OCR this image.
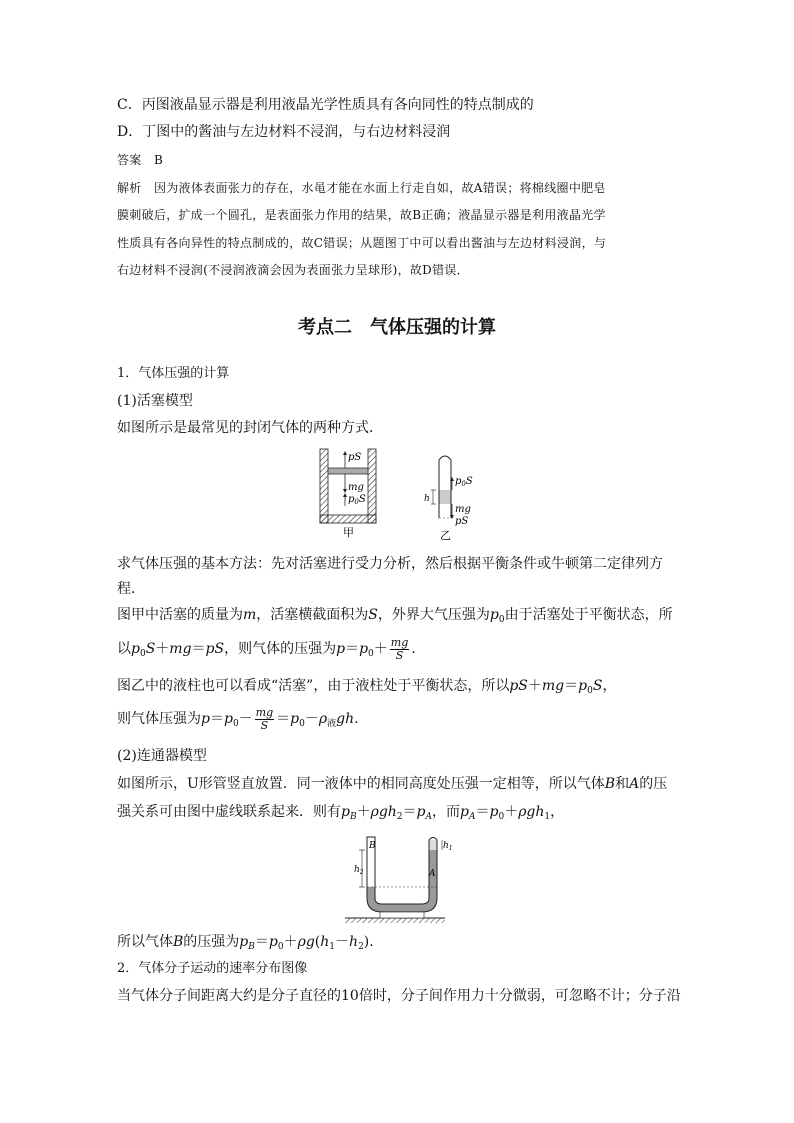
C．丙图液晶显示器是利用液晶光学性质具有各向同性的特点制成的
D．丁图中的酱油与左边材料不浸润，与右边材料浸润
答案 B
解析 因为液体表面张力的存在，水黾才能在水面上行走自如，故A错误；将棉线圈中肥皂
膜刺破后，扩成一个圆孔，是表面张力作用的结果，故B正确；液晶显示器是利用液晶光学
性质具有各向异性的特点制成的，故C错误；从题图丁中可以看出酱油与左边材料浸润，与
右边材料不浸润(不浸润液滴会因为表面张力呈球形)，故D错误．
考点二　气体压强的计算
1．气体压强的计算
(1)活塞模型
如图所示是最常见的封闭气体的两种方式．
pS
mg
$p_0S$
甲
h
$p_0S$
mg
pS
乙
求气体压强的基本方法：先对活塞进行受力分析，然后根据平衡条件或牛顿第二定律列方
程．
图甲中活塞的质量为m，活塞横截面积为S，外界大气压强为$p_0$由于活塞处于平衡状态，所
以$p_0S+mg=pS$，则气体的压强为$p=p_0+ \frac{mg}{S}$ .
图乙中的液柱也可以看成“活塞”，由于液柱处于平衡状态，所以$pS+mg=p_0S$，
则气体压强为$p=p_0- \frac{mg}{S} =p_0-\rho_液gh$.
(2)连通器模型
如图所示，U形管竖直放置．同一液体中的相同高度处压强一定相等，所以气体B和A的压
强关系可由图中虚线联系起来．则有$p_B+\rho gh_2=p_A$，而$p_A=p_0+\rho gh_1$，
$h_2$
$h_1$
B
A
所以气体B的压强为$p_B=p_0+\rho g(h_1-h_2)$.
2．气体分子运动的速率分布图像
当气体分子间距离大约是分子直径的10倍时，分子间作用力十分微弱，可忽略不计；分子沿
